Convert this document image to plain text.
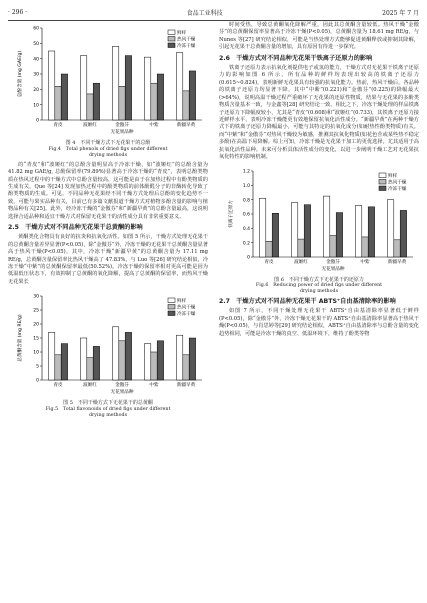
· 296 ·	食品工业科技	2025 年 7 月
0
10
20
30
40
50
60
总酚含量 (mg GAE/g)
青皮	波姬红	金傲芬	中紫	新疆早黄
无花果品种
鲜样
热风干燥
冷冻干燥

图 4　不同干燥方式下无花果干的总酚

Fig.4　Total phenols of dried figs under different
drying methods

的“青皮”和“波姬红”的总酚含量明显高于冷冻干燥，如“波姬红”的总酚含量为 41.82 mg GAE/g, 总酚保留率(79.89%)显著高于冷冻干燥的“青皮”，表明总酚类物质在热风过程中的干燥方式中总酚含量较高，这可能是由于在加热过程中有酚类物质的生成有关。Que 等[24] 发现加热过程中的酚类物质的前体酚醛分子的非酶转化导致了酚类物质的生成。可见，不同品种无花果经不同干燥方式处理后总酚的变化趋势不一致，可能与果实品种有关，目前已有多篇文献报道干燥方式对植物多酚含量的影响与植物品种有关[25]。此外，经冷冻干燥的“金傲芬”和“新疆早黄”的总酚含量最高，这说明选择合适品种和适宜干燥方式对保留无花果干的活性成分具有非常重要意义。

2.5　干燥方式对不同品种无花果干总黄酮的影响

黄酮类化合物具有良好的抗炎和抗氧化活性。如图 5 所示，干燥方式处理无花果干的总黄酮含量差异显著(P<0.05)，除“金傲芬”外，冷冻干燥的无花果干总黄酮含量显著高于热风干燥(P<0.05)，其中，冷冻干燥“新疆早黄”的总黄酮含量为 17.11 mg RE/g，总黄酮含量保留率比热风干燥高了 47.83%。与 Luo 等[26] 研究结论相似，冷冻干燥“中紫”的总黄酮保留率最低(50.52%)。冷冻干燥的保留率相对更高可能是因为低温低压状态下，有效抑制了总黄酮的氧化降解，提高了总黄酮的保留率，而热风干燥无花果长

0
5
10
15
20
25
30
总黄酮含量 (mg RE/g)
青皮	波姬红	金傲芬	中紫	新疆早黄
无花果品种
鲜样
热风干燥
冷冻干燥

图 5　不同干燥方式下无花果干的总黄酮

Fig.5　Total flavonoids of dried figs under different
drying methods

时间受热，导致总黄酮氧化降解严重，因此其总黄酮含量较低。热风干燥“金傲芬”的总黄酮保留率显著高于冷冻干燥(P<0.05)，总黄酮含量为 18.61 mg RE/g，与 Nunes 等[27] 研究结论相似，可能是当热处理方式能够促进黄酮释放或抑制其降解，引起无花果干总黄酮含量的增加，具有原因有待进一步探究。

2.6　干燥方式对不同品种无花果干铁离子还原力的影响

铁离子还原力表示抗氧化剂提供电子或氢的能力，干燥方式对无花果干铁离子还原力的影响如图 6 所示。所有品种的鲜样均表现出较高的铁离子还原力(0.615~0.824)，表明新鲜无花果具有较强的抗氧化能力。热前，热风干燥后，各品种的铁离子还原力均显著下降，其中“中紫”(0.221)和“金傲芬”(0.225)的降幅最大(>64%)，说明高温干燥过程严重破坏了无花果的还原性物质，结果与无花果的多酚类物质含量基本一致，与金鑫等[28] 研究结论一致。相比之下，冷冻干燥处理的样品铁离子还原力下降幅度较小，尤其是“青皮”(0.608)和“波姬红”(0.733)，其铁离子还原力接近鲜样水平，表明冷冻干燥能更有效地保留抗氧化活性成分。“新疆早黄”在两种干燥方式下的铁离子还原力降幅最小，可能与其特定的抗氧化成分(如耐热性酚类物质)有关。而“中紫”和“金傲芬”对热风干燥较为敏感，推测其抗氧化物质(如花色苷或某些热不稳定多酚)在高温下易降解。综上可知，冷冻干燥是无花果干加工的更优选择，尤其适用于高抗氧化活性品种。未来可分析具体活性成分的变化，以进一步阐明干燥工艺对无花果抗氧化特性的影响机制。

0
0.2
0.4
0.6
0.8
1.0
1.2
铁离子还原力
青皮	波姬红	金傲芬	中紫	新疆早黄
无花果品种
鲜样
热风干燥
冷冻干燥

图 6　不同干燥方式下无花果干的还原力

Fig.6　Reducing power of dried figs under different
drying methods

2.7　干燥方式对不同品种无花果干 ABTS⁺自由基清除率的影响

如图 7 所示，不同干燥处理无花果干 ABTS⁺自由基清除率显著低于鲜样(P<0.05)，除“金傲芬”外，冷冻干燥无花果干的 ABTS⁺自由基清除率显著高于热风干燥(P<0.05)，与肖思婷等[29] 研究结论相似，ABTS⁺自由基清除率与总酚含量的变化趋势相同，可能是冷冻干燥的真空、低温环境下，维持了酚类等物
